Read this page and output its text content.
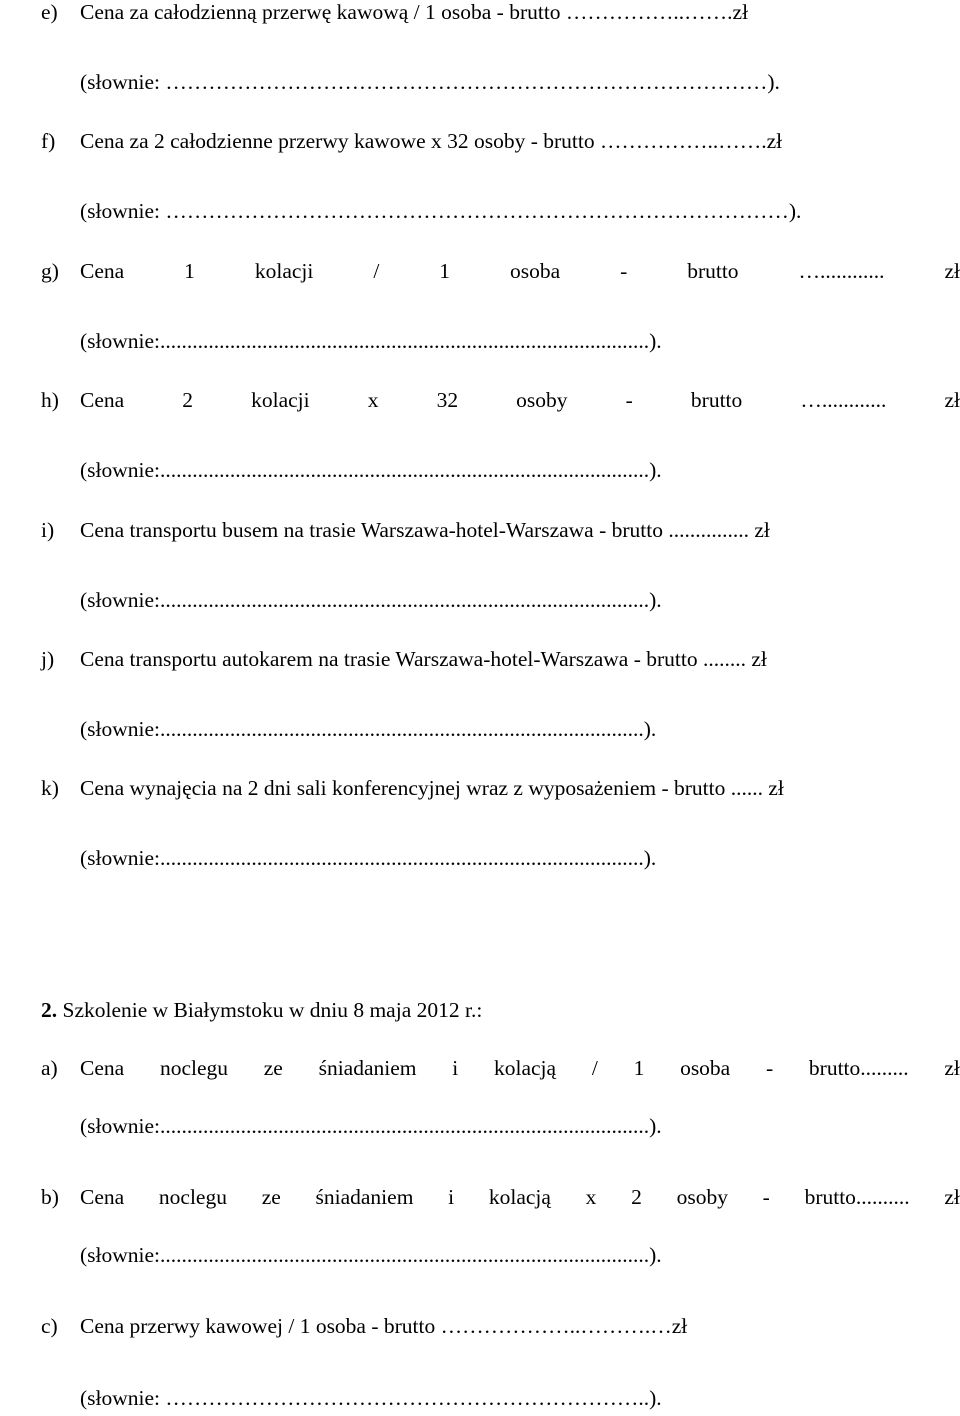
e) Cena za całodzienną przerwę kawową / 1 osoba - brutto ……………..…….zł
(słownie: …………………………………………………………………………).
f) Cena za 2 całodzienne przerwy kawowe x 32 osoby - brutto ……………..…….zł
(słownie: ……………………………………………………………………………).
g) Cena	1	kolacji	/	1	osoba	-	brutto	…............	zł
(słownie:...........................................................................................).
h) Cena	2	kolacji	x	32	osoby	-	brutto	…............	zł
(słownie:...........................................................................................).
i) Cena transportu busem na trasie Warszawa-hotel-Warszawa - brutto ............... zł
(słownie:...........................................................................................).
j) Cena transportu autokarem na trasie Warszawa-hotel-Warszawa - brutto ........ zł
(słownie:..........................................................................................).
k) Cena wynajęcia na 2 dni sali konferencyjnej wraz z wyposażeniem - brutto ...... zł
(słownie:..........................................................................................).
2. Szkolenie w Białymstoku w dniu 8 maja 2012 r.:
a) Cena noclegu ze śniadaniem i kolacją / 1 osoba - brutto......... zł
(słownie:...........................................................................................).
b) Cena noclegu ze śniadaniem i kolacją x 2 osoby - brutto.......... zł
(słownie:...........................................................................................).
c) Cena przerwy kawowej / 1 osoba - brutto ………………..……….…zł
(słownie: …………………………………………………………..).
